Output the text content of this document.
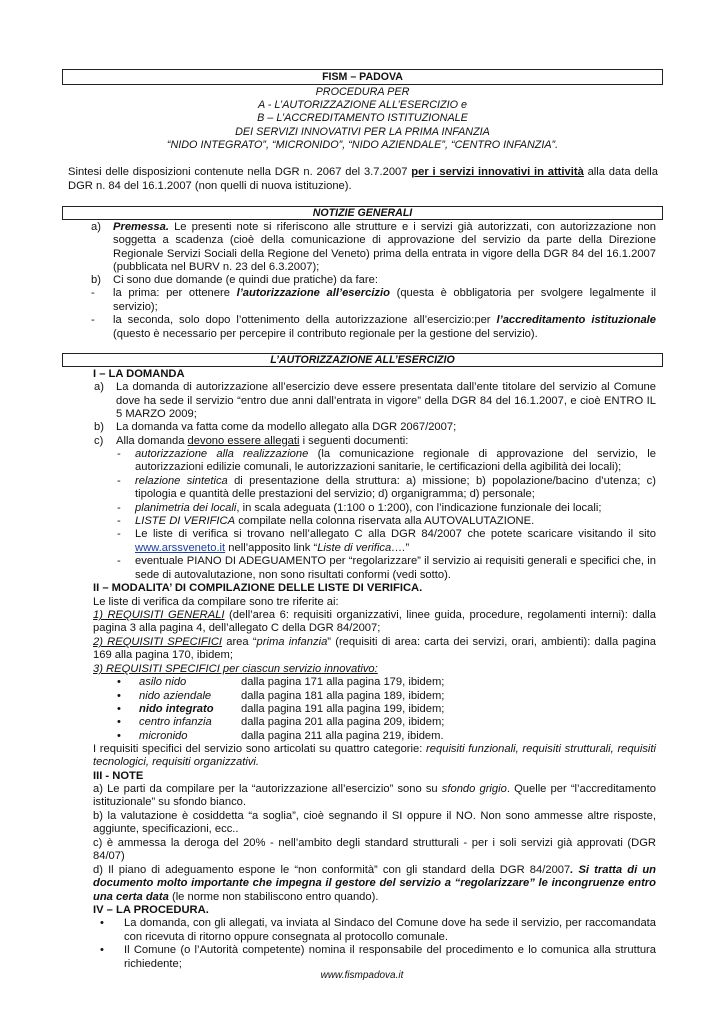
FISM – PADOVA
PROCEDURA PER
A - L’AUTORIZZAZIONE ALL’ESERCIZIO e
B – L’ACCREDITAMENTO ISTITUZIONALE
DEI SERVIZI INNOVATIVI PER LA PRIMA INFANZIA
“NIDO INTEGRATO”, “MICRONIDO”, “NIDO AZIENDALE”, “CENTRO INFANZIA”.

Sintesi delle disposizioni contenute nella DGR n. 2067 del 3.7.2007 per i servizi innovativi in attività alla data della DGR n. 84 del 16.1.2007 (non quelli di nuova istituzione).

NOTIZIE GENERALI
a) Premessa. Le presenti note si riferiscono alle strutture e i servizi già autorizzati, con autorizzazione non soggetta a scadenza (cioè della comunicazione di approvazione del servizio da parte della Direzione Regionale Servizi Sociali della Regione del Veneto) prima della entrata in vigore della DGR 84 del 16.1.2007 (pubblicata nel BURV n. 23 del 6.3.2007);

b) Ci sono due domande (e quindi due pratiche) da fare:
- la prima: per ottenere l’autorizzazione all’esercizio (questa è obbligatoria per svolgere legalmente il servizio);

- la seconda, solo dopo l’ottenimento della autorizzazione all’esercizio:per l’accreditamento istituzionale (questo è necessario per percepire il contributo regionale per la gestione del servizio).

L’AUTORIZZAZIONE ALL’ESERCIZIO
I – LA DOMANDA
a) La domanda di autorizzazione all’esercizio deve essere presentata dall’ente titolare del servizio al Comune dove ha sede il servizio “entro due anni dall’entrata in vigore” della DGR 84 del 16.1.2007, e cioè ENTRO IL 5 MARZO 2009;

b) La domanda va fatta come da modello allegato alla DGR 2067/2007;
c) Alla domanda devono essere allegati i seguenti documenti:
- autorizzazione alla realizzazione (la comunicazione regionale di approvazione del servizio, le autorizzazioni edilizie comunali, le autorizzazioni sanitarie, le certificazioni della agibilità dei locali);

- relazione sintetica di presentazione della struttura: a) missione; b) popolazione/bacino d’utenza; c) tipologia e quantità delle prestazioni del servizio; d) organigramma; d) personale;

- planimetria dei locali, in scala adeguata (1:100 o 1:200), con l’indicazione funzionale dei locali;
- LISTE DI VERIFICA compilate nella colonna riservata alla AUTOVALUTAZIONE.
- Le liste di verifica si trovano nell’allegato C alla DGR 84/2007 che potete scaricare visitando il sito www.arssveneto.it nell’apposito link “Liste di verifica….”

- eventuale PIANO DI ADEGUAMENTO per “regolarizzare” il servizio ai requisiti generali e specifici che, in sede di autovalutazione, non sono risultati conformi (vedi sotto).

II – MODALITA’ DI COMPILAZIONE DELLE LISTE DI VERIFICA.
Le liste di verifica da compilare sono tre riferite ai:

1) REQUISITI GENERALI (dell’area 6: requisiti organizzativi, linee guida, procedure, regolamenti interni): dalla pagina 3 alla pagina 4, dell’allegato C della DGR 84/2007;

2) REQUISITI SPECIFICI area “prima infanzia” (requisiti di area: carta dei servizi, orari, ambienti): dalla pagina 169 alla pagina 170, ibidem;

3) REQUISITI SPECIFICI per ciascun servizio innovativo:
• asilo nido	dalla pagina 171 alla pagina 179, ibidem;
• nido aziendale	dalla pagina 181 alla pagina 189, ibidem;
• nido integrato dalla pagina 191 alla pagina 199, ibidem;
• centro infanzia	dalla pagina 201 alla pagina 209, ibidem;
• micronido	dalla pagina 211 alla pagina 219, ibidem.

I requisiti specifici del servizio sono articolati su quattro categorie: requisiti funzionali, requisiti strutturali, requisiti tecnologici, requisiti organizzativi.

III - NOTE

a) Le parti da compilare per la “autorizzazione all’esercizio” sono su sfondo grigio. Quelle per “l’accreditamento istituzionale” su sfondo bianco.

b) la valutazione è cosiddetta “a soglia”, cioè segnando il SI oppure il NO. Non sono ammesse altre risposte, aggiunte, specificazioni, ecc..

c) è ammessa la deroga del 20% - nell’ambito degli standard strutturali - per i soli servizi già approvati (DGR 84/07)

d) Il piano di adeguamento espone le “non conformità” con gli standard della DGR 84/2007. Si tratta di un documento molto importante che impegna il gestore del servizio a “regolarizzare” le incongruenze entro una certa data (le norme non stabiliscono entro quando).

IV – LA PROCEDURA.
• La domanda, con gli allegati, va inviata al Sindaco del Comune dove ha sede il servizio, per raccomandata con ricevuta di ritorno oppure consegnata al protocollo comunale.

• Il Comune (o l’Autorità competente) nomina il responsabile del procedimento e lo comunica alla struttura richiedente;

www.fismpadova.it
